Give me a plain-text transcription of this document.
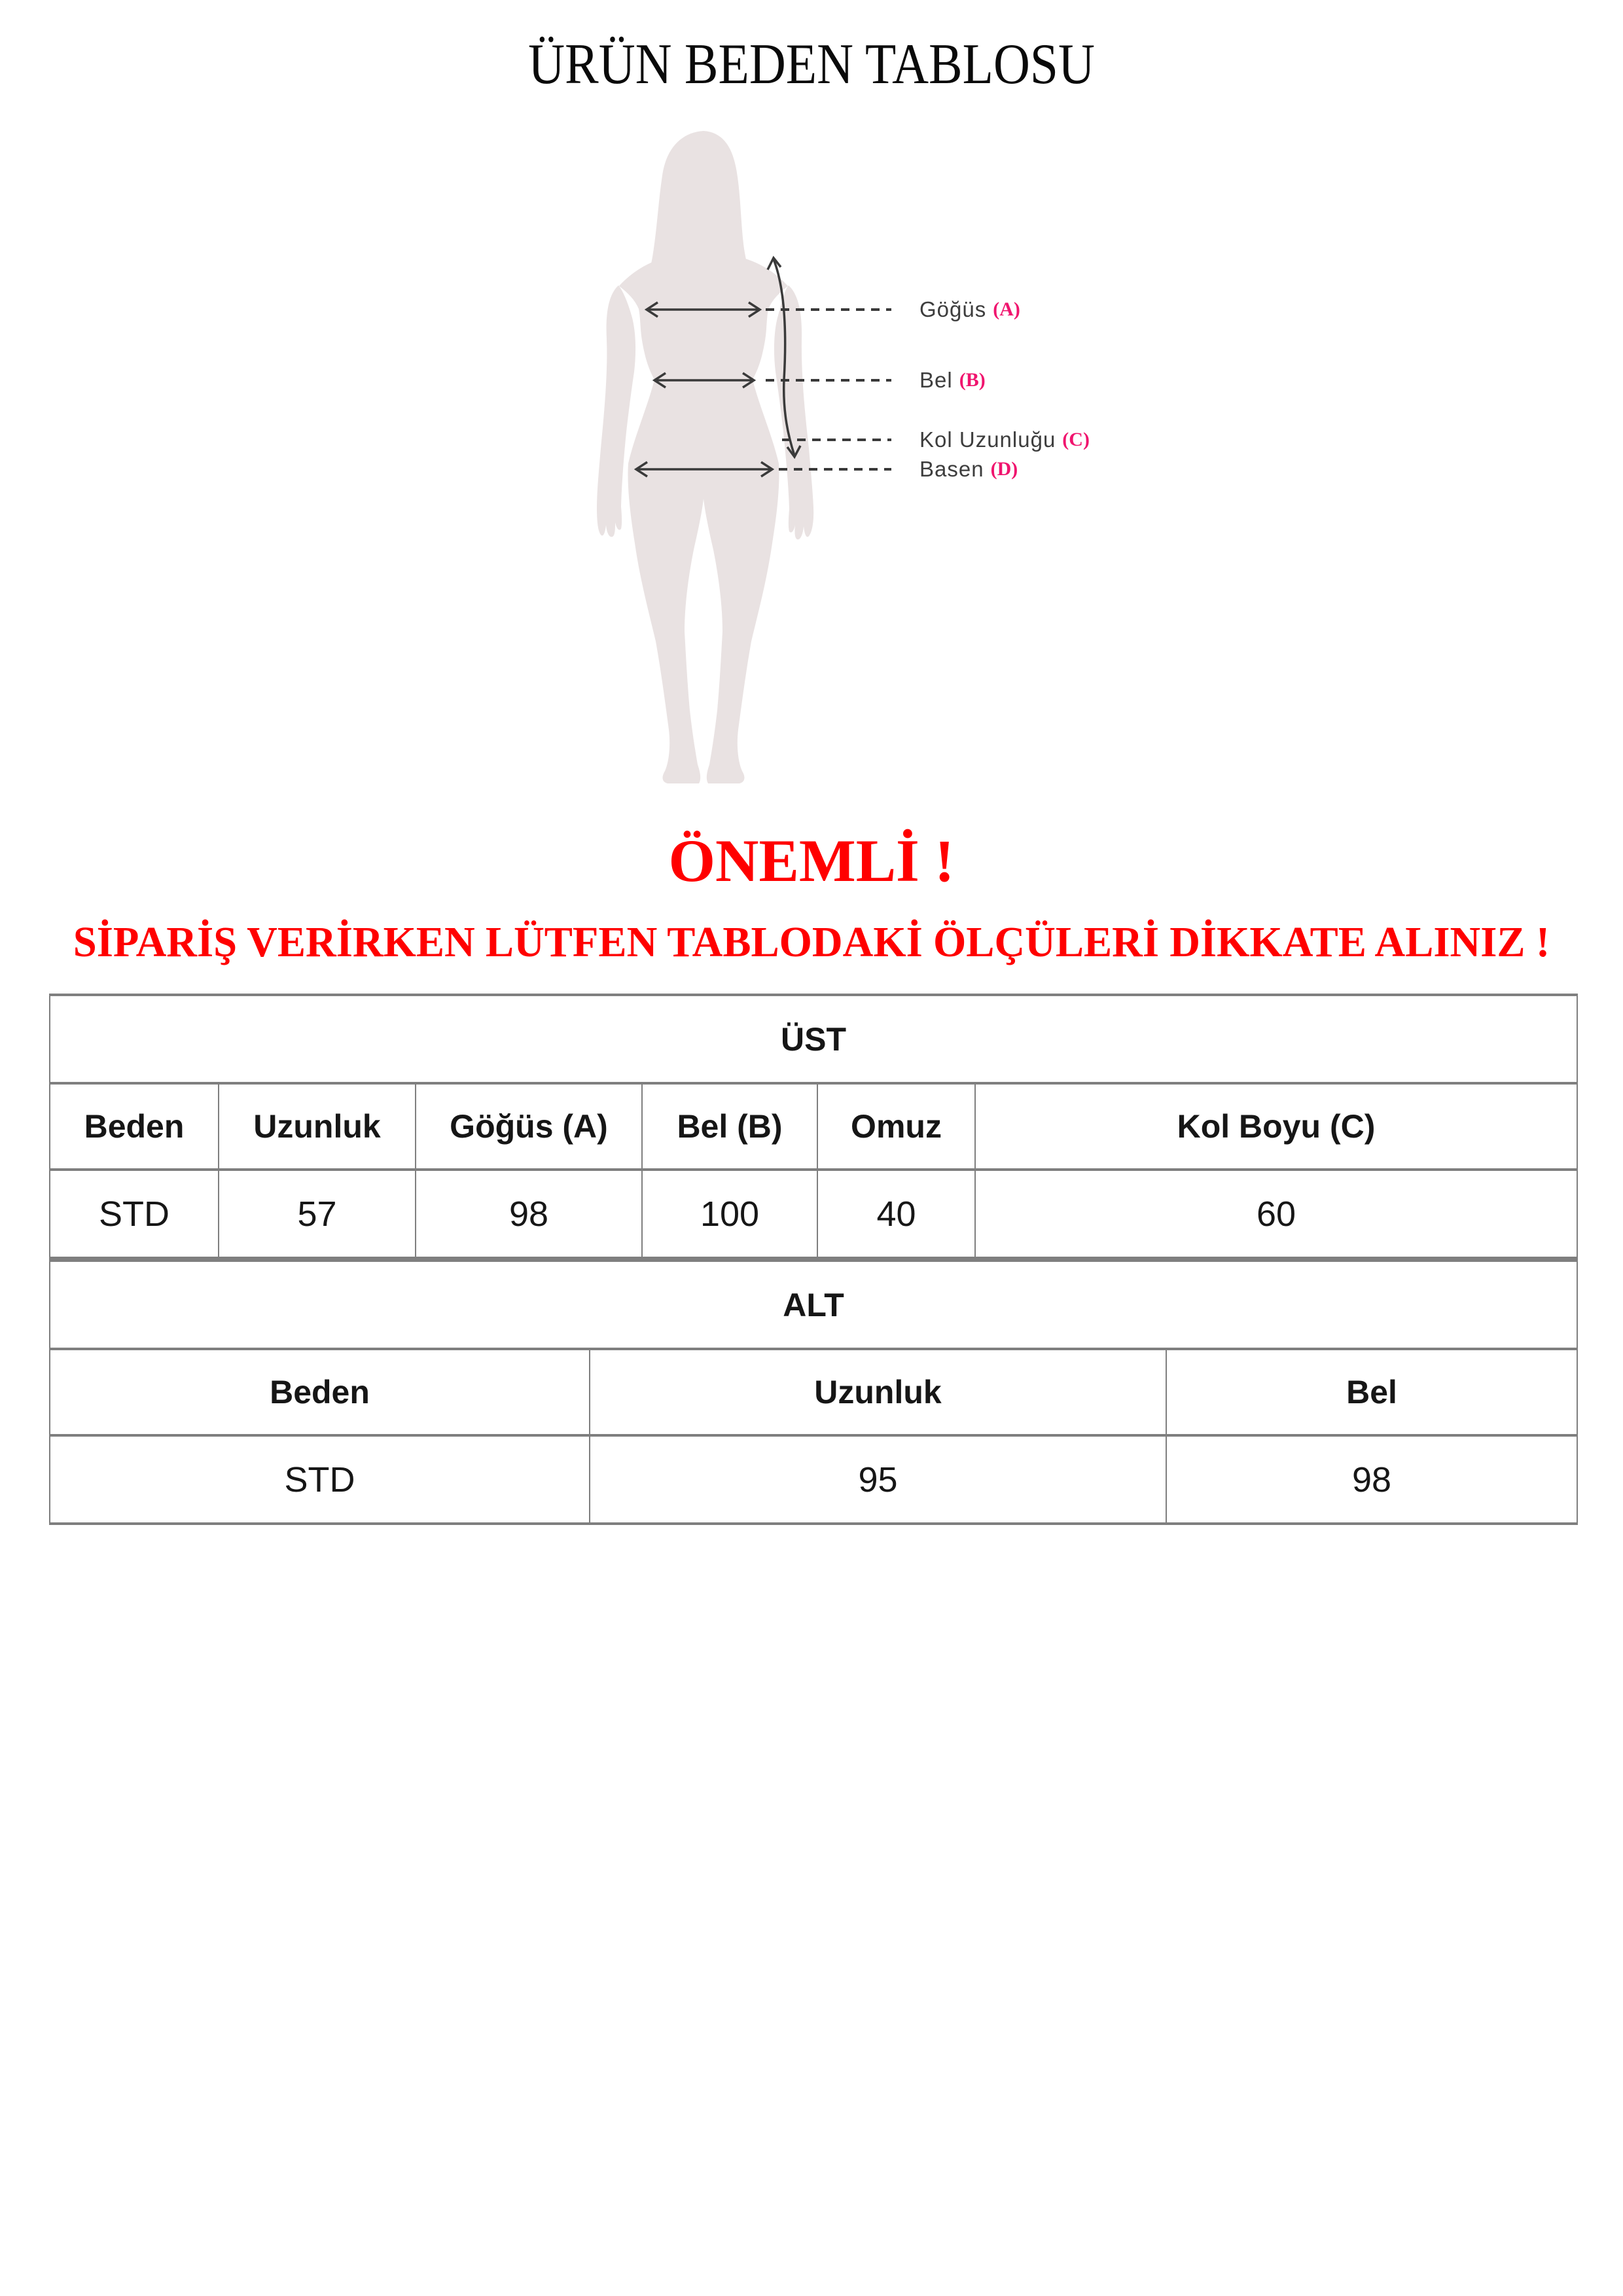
ÜRÜN BEDEN TABLOSU
Göğüs (A)
Bel (B)
Kol Uzunluğu (C)
Basen (D)
ÖNEMLİ !
SİPARİŞ VERİRKEN LÜTFEN TABLODAKİ ÖLÇÜLERİ DİKKATE ALINIZ !
ÜST					
Beden	Uzunluk	Göğüs (A)	Bel (B)	Omuz	Kol Boyu (C)
STD	57	98	100	40	60
ALT		
Beden	Uzunluk	Bel
STD	95	98
